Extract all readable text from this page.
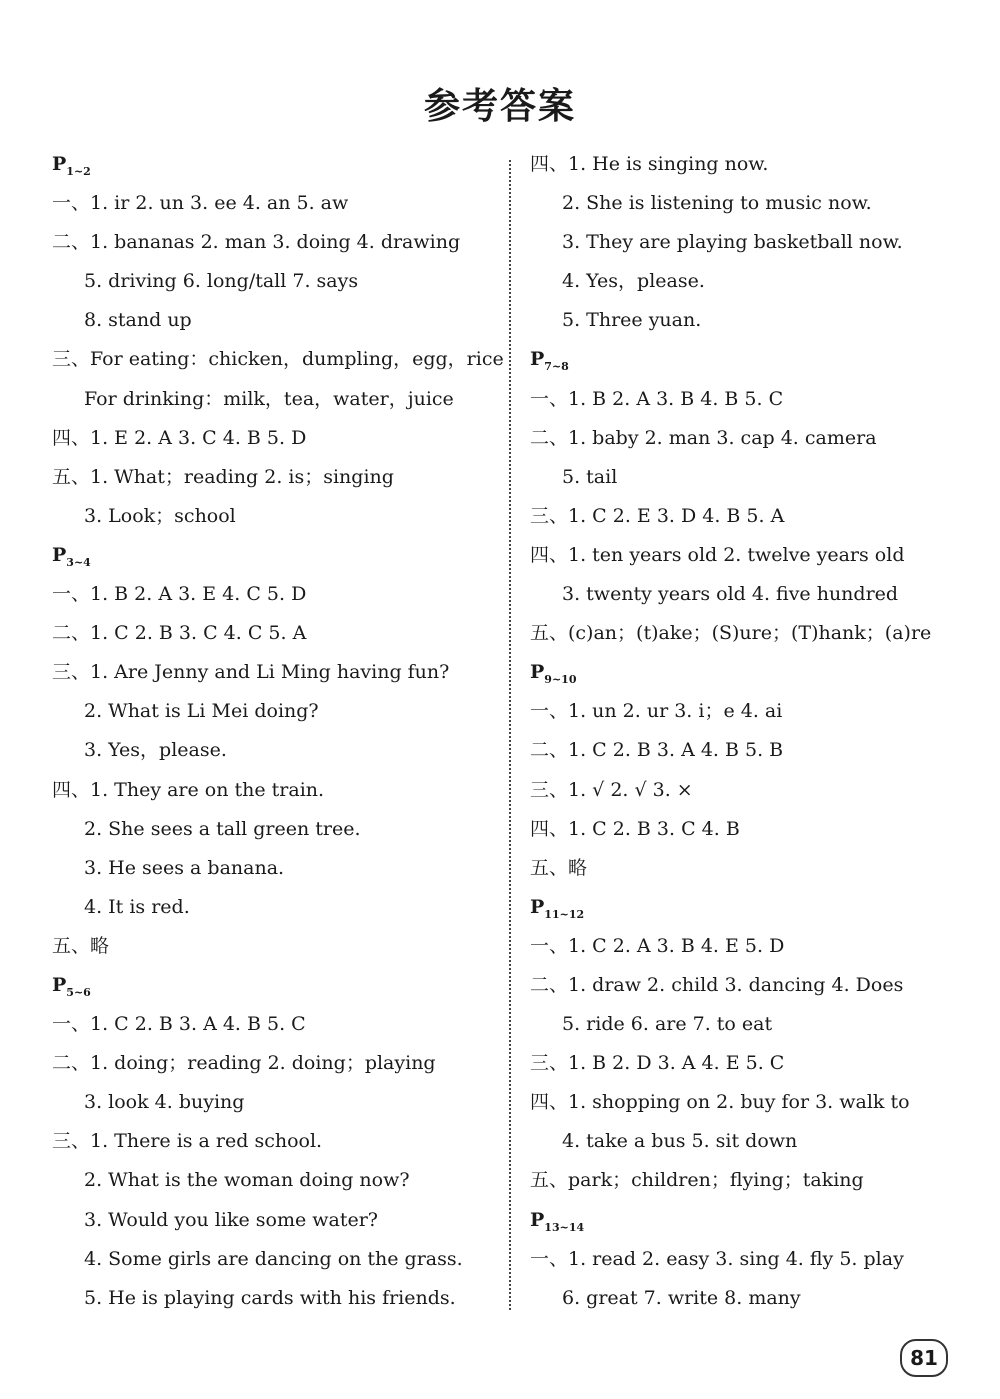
参考答案
$P_{1\sim 2}$
一、1. ir 2. un 3. ee 4. an 5. aw
二、1. bananas 2. man 3. doing 4. drawing
5. driving 6. long/tall 7. says
8. stand up
三、For eating：chicken，dumpling，egg，rice
For drinking：milk，tea，water，juice
四、1. E 2. A 3. C 4. B 5. D
五、1. What；reading 2. is；singing
3. Look；school
$P_{3\sim 4}$
一、1. B 2. A 3. E 4. C 5. D
二、1. C 2. B 3. C 4. C 5. A
三、1. Are Jenny and Li Ming having fun?
2. What is Li Mei doing?
3. Yes，please.
四、1. They are on the train.
2. She sees a tall green tree.
3. He sees a banana.
4. It is red.
五、略
$P_{5\sim 6}$
一、1. C 2. B 3. A 4. B 5. C
二、1. doing；reading 2. doing；playing
3. look 4. buying
三、1. There is a red school.
2. What is the woman doing now?
3. Would you like some water?
4. Some girls are dancing on the grass.
5. He is playing cards with his friends.
四、1. He is singing now.
2. She is listening to music now.
3. They are playing basketball now.
4. Yes，please.
5. Three yuan.
$P_{7\sim 8}$
一、1. B 2. A 3. B 4. B 5. C
二、1. baby 2. man 3. cap 4. camera
5. tail
三、1. C 2. E 3. D 4. B 5. A
四、1. ten years old 2. twelve years old
3. twenty years old 4. five hundred
五、(c)an；(t)ake；(S)ure；(T)hank；(a)re
$P_{9\sim 10}$
一、1. un 2. ur 3. i；e 4. ai
二、1. C 2. B 3. A 4. B 5. B
三、1. √ 2. √ 3. ×
四、1. C 2. B 3. C 4. B
五、略
$P_{11\sim 12}$
一、1. C 2. A 3. B 4. E 5. D
二、1. draw 2. child 3. dancing 4. Does
5. ride 6. are 7. to eat
三、1. B 2. D 3. A 4. E 5. C
四、1. shopping on 2. buy for 3. walk to
4. take a bus 5. sit down
五、park；children；flying；taking
$P_{13\sim 14}$
一、1. read 2. easy 3. sing 4. fly 5. play
6. great 7. write 8. many
81
